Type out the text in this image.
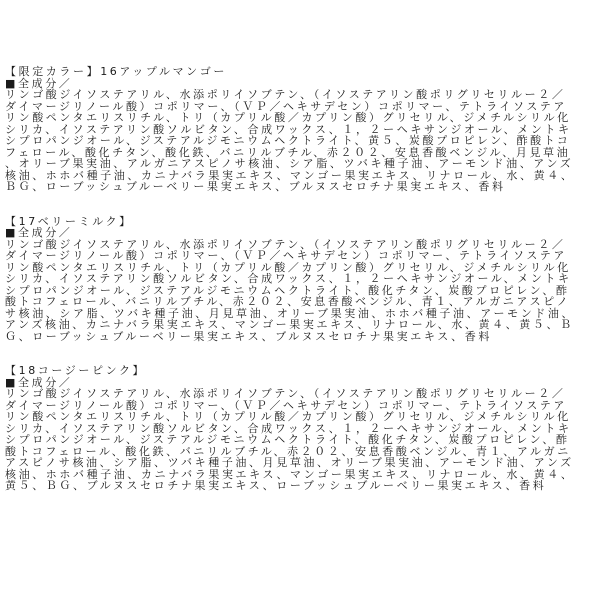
【限定カラー】16アップルマンゴー
■全成分／
リンゴ酸ジイソステアリル、水添ポリイソブテン、（イソステアリン酸ポリグリセリルー２／
ダイマージリノール酸）コポリマー、（ＶＰ／ヘキサデセン）コポリマー、テトライソステア
リン酸ペンタエリスリチル、トリ（カプリル酸／カプリン酸）グリセリル、ジメチルシリル化
シリカ、イソステアリン酸ソルビタン、合成ワックス、１，２ーヘキサンジオール、メントキ
シプロパンジオール、ジステアルジモニウムヘクトライト、黄５、炭酸プロピレン、酢酸トコ
フェロール、酸化チタン、酸化鉄、バニリルブチル、赤２０２、安息香酸ベンジル、月見草油
、オリーブ果実油、アルガニアスピノサ核油、シア脂、ツバキ種子油、アーモンド油、アンズ
核油、ホホバ種子油、カニナバラ果実エキス、マンゴー果実エキス、リナロール、水、黄４、
ＢＧ、ローブッシュブルーベリー果実エキス、ブルヌスセロチナ果実エキス、香料
【17ベリーミルク】
■全成分／
リンゴ酸ジイソステアリル、水添ポリイソブテン、（イソステアリン酸ポリグリセリルー２／
ダイマージリノール酸）コポリマー、（ＶＰ／ヘキサデセン）コポリマー、テトライソステア
リン酸ペンタエリスリチル、トリ（カプリル酸／カプリン酸）グリセリル、ジメチルシリル化
シリカ、イソステアリン酸ソルビタン、合成ワックス、１，２ーヘキサンジオール、メントキ
シプロパンジオール、ジステアルジモニウムヘクトライト、酸化チタン、炭酸プロピレン、酢
酸トコフェロール、バニリルブチル、赤２０２、安息香酸ベンジル、青１、アルガニアスピノ
サ核油、シア脂、ツバキ種子油、月見草油、オリーブ果実油、ホホバ種子油、アーモンド油、
アンズ核油、カニナバラ果実エキス、マンゴー果実エキス、リナロール、水、黄４、黄５、Ｂ
Ｇ、ローブッシュブルーベリー果実エキス、ブルヌスセロチナ果実エキス、香料
【18コージーピンク】
■全成分／
リンゴ酸ジイソステアリル、水添ポリイソブテン、（イソステアリン酸ポリグリセリルー２／
ダイマージリノール酸）コポリマー、（ＶＰ／ヘキサデセン）コポリマー、テトライソステア
リン酸ペンタエリスリチル、トリ（カプリル酸／カプリン酸）グリセリル、ジメチルシリル化
シリカ、イソステアリン酸ソルビタン、合成ワックス、１，２ーヘキサンジオール、メントキ
シプロパンジオール、ジステアルジモニウムヘクトライト、酸化チタン、炭酸プロピレン、酢
酸トコフェロール、酸化鉄、バニリルブチル、赤２０２、安息香酸ベンジル、青１、アルガニ
アスピノサ核油、シア脂、ツバキ種子油、月見草油、オリーブ果実油、アーモンド油、アンズ
核油、ホホバ種子油、カニナバラ果実エキス、マンゴー果実エキス、リナロール、水、黄４、
黄５、ＢＧ、ブルヌスセロチナ果実エキス、ローブッシュブルーベリー果実エキス、香料
